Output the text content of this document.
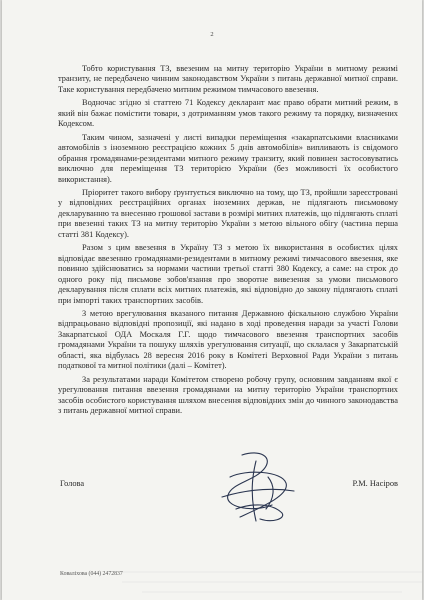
2

Тобто користування ТЗ, ввезеним на митну територію України в митному режимі транзиту, не передбачено чинним законодавством України з питань державної митної справи. Таке користування передбачено митним режимом тимчасового ввезення.

Водночас згідно зі статтею 71 Кодексу декларант має право обрати митний режим, в який він бажає помістити товари, з дотриманням умов такого режиму та порядку, визначених Кодексом.

Таким чином, зазначені у листі випадки переміщення «закарпатськими власниками автомобілів з іноземною реєстрацією кожних 5 днів автомобілів» випливають із свідомого обрання громадянами-резидентами митного режиму транзиту, який повинен застосовуватись виключно для переміщення ТЗ територією України (без можливості їх особистого використання).

Пріоритет такого вибору ґрунтується виключно на тому, що ТЗ, пройшли зареєстровані у відповідних реєстраційних органах іноземних держав, не підлягають письмовому декларуванню та внесенню грошової застави в розмірі митних платежів, що підлягають сплаті при ввезенні таких ТЗ на митну територію України з метою вільного обігу (частина перша статті 381 Кодексу).

Разом з цим ввезення в Україну ТЗ з метою їх використання в особистих цілях відповідає ввезенню громадянами-резидентами в митному режимі тимчасового ввезення, яке повинно здійснюватись за нормами частини третьої статті 380 Кодексу, а саме: на строк до одного року під письмове зобов'язання про зворотне вивезення за умови письмового декларування після сплати всіх митних платежів, які відповідно до закону підлягають сплаті при імпорті таких транспортних засобів.

З метою врегулювання вказаного питання Державною фіскальною службою України відпрацьовано відповідні пропозиції, які надано в ході проведення наради за участі Голови Закарпатської ОДА Москаля Г.Г. щодо тимчасового ввезення транспортних засобів громадянами України та пошуку шляхів урегулювання ситуації, що склалася у Закарпатській області, яка відбулась 28 вересня 2016 року в Комітеті Верховної Ради України з питань податкової та митної політики (далі – Комітет).

За результатами наради Комітетом створено робочу групу, основним завданням якої є урегулювання питання ввезення громадянами на митну територію України транспортних засобів особистого користування шляхом внесення відповідних змін до чинного законодавства з питань державної митної справи.

Голова	Р.М. Насіров
Коваліхова (044) 2472837
